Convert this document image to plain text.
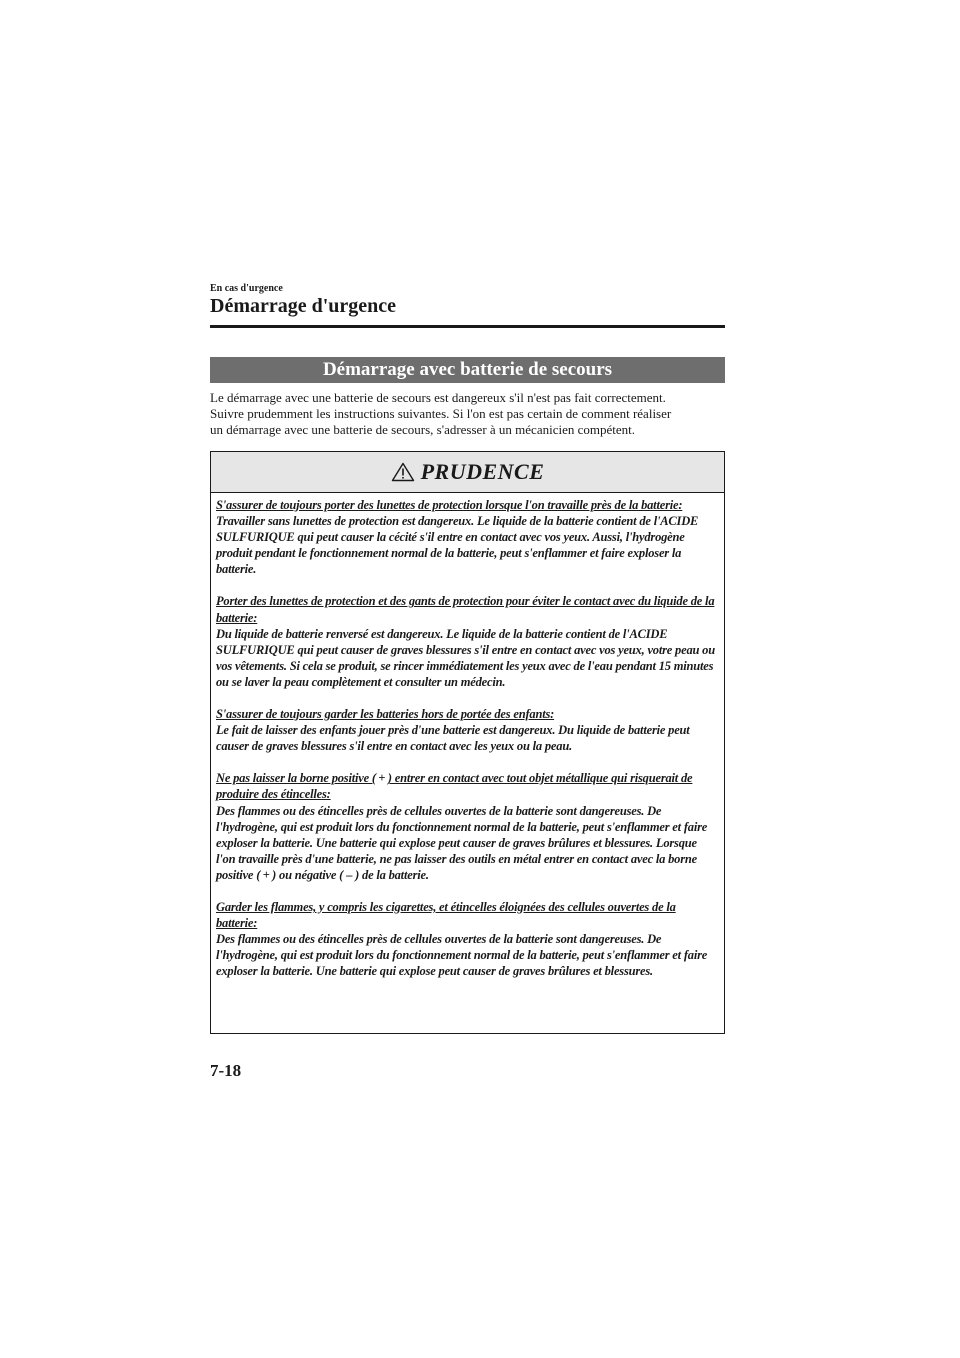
En cas d'urgence
Démarrage d'urgence
Démarrage avec batterie de secours

Le démarrage avec une batterie de secours est dangereux s'il n'est pas fait correctement.
Suivre prudemment les instructions suivantes. Si l'on est pas certain de comment réaliser
un démarrage avec une batterie de secours, s'adresser à un mécanicien compétent.

PRUDENCE
S'assurer de toujours porter des lunettes de protection lorsque l'on travaille près de la batterie:
Travailler sans lunettes de protection est dangereux. Le liquide de la batterie contient de l'ACIDE SULFURIQUE qui peut causer la cécité s'il entre en contact avec vos yeux. Aussi, l'hydrogène produit pendant le fonctionnement normal de la batterie, peut s'enflammer et faire exploser la batterie.
Porter des lunettes de protection et des gants de protection pour éviter le contact avec du liquide de la batterie:
Du liquide de batterie renversé est dangereux. Le liquide de la batterie contient de l'ACIDE SULFURIQUE qui peut causer de graves blessures s'il entre en contact avec vos yeux, votre peau ou vos vêtements. Si cela se produit, se rincer immédiatement les yeux avec de l'eau pendant 15 minutes ou se laver la peau complètement et consulter un médecin.
S'assurer de toujours garder les batteries hors de portée des enfants:
Le fait de laisser des enfants jouer près d'une batterie est dangereux. Du liquide de batterie peut causer de graves blessures s'il entre en contact avec les yeux ou la peau.
Ne pas laisser la borne positive ( + ) entrer en contact avec tout objet métallique qui risquerait de produire des étincelles:
Des flammes ou des étincelles près de cellules ouvertes de la batterie sont dangereuses. De l'hydrogène, qui est produit lors du fonctionnement normal de la batterie, peut s'enflammer et faire exploser la batterie. Une batterie qui explose peut causer de graves brûlures et blessures. Lorsque l'on travaille près d'une batterie, ne pas laisser des outils en métal entrer en contact avec la borne positive ( + ) ou négative ( – ) de la batterie.
Garder les flammes, y compris les cigarettes, et étincelles éloignées des cellules ouvertes de la batterie:
Des flammes ou des étincelles près de cellules ouvertes de la batterie sont dangereuses. De l'hydrogène, qui est produit lors du fonctionnement normal de la batterie, peut s'enflammer et faire exploser la batterie. Une batterie qui explose peut causer de graves brûlures et blessures.
7-18
